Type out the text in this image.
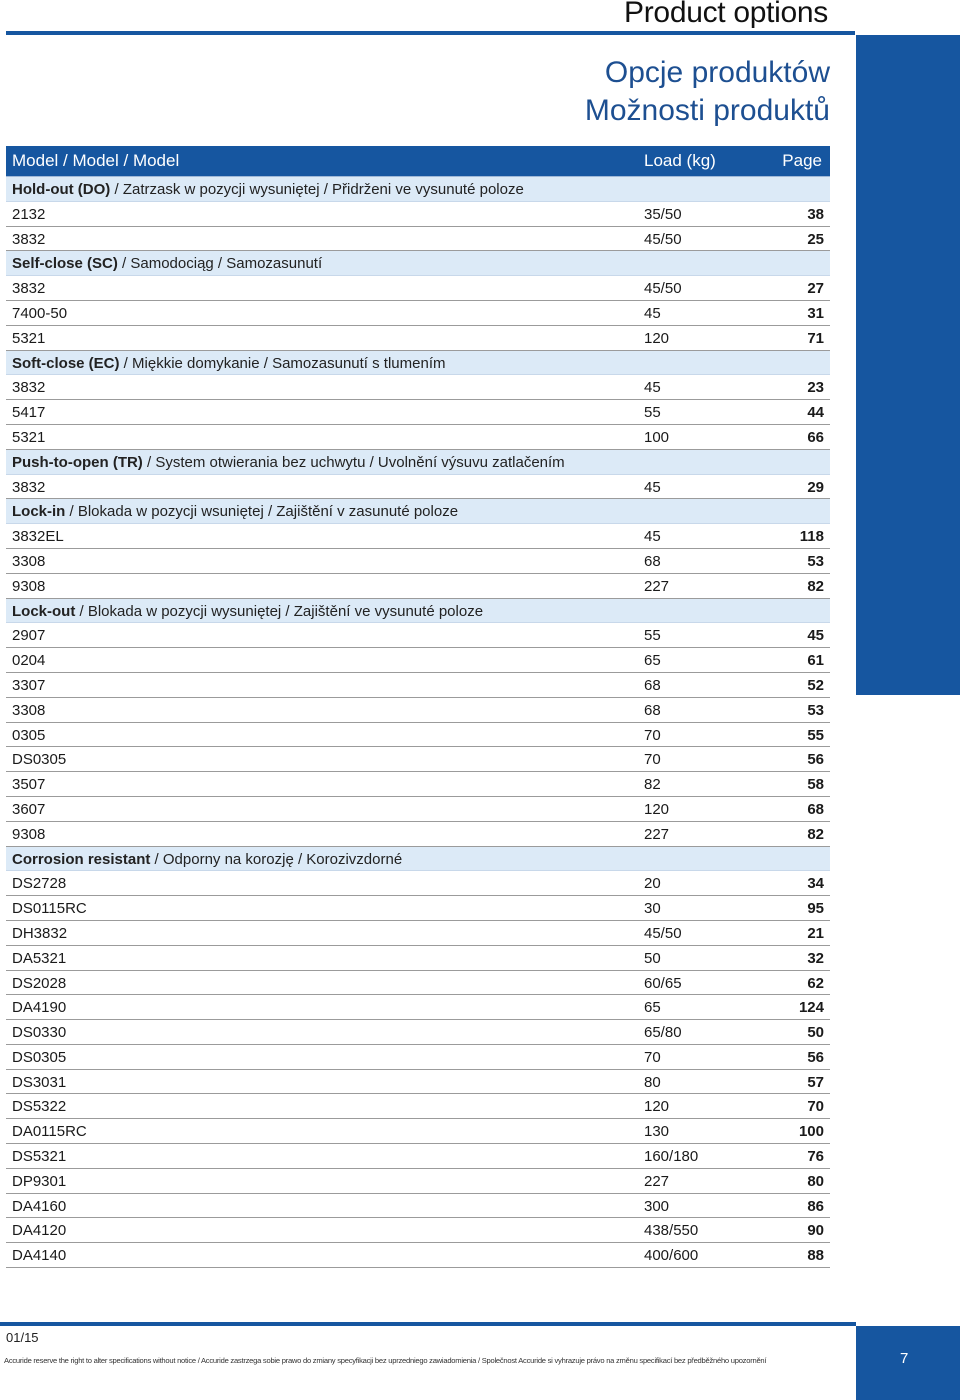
Product options
Opcje produktów
Možnosti produktů
Model / Model / Model	Load (kg)	Page
Hold-out (DO) / Zatrzask w pozycji wysuniętej / Přidrženi ve vysunuté poloze
2132	35/50	38
3832	45/50	25
Self-close (SC) / Samodociąg / Samozasunutí
3832	45/50	27
7400-50	45	31
5321	120	71
Soft-close (EC) / Miękkie domykanie / Samozasunutí s tlumením
3832	45	23
5417	55	44
5321	100	66
Push-to-open (TR) / System otwierania bez uchwytu / Uvolnění výsuvu zatlačením
3832	45	29
Lock-in / Blokada w pozycji wsuniętej / Zajištění v zasunuté poloze
3832EL	45	118
3308	68	53
9308	227	82
Lock-out / Blokada w pozycji wysuniętej / Zajištění ve vysunuté poloze
2907	55	45
0204	65	61
3307	68	52
3308	68	53
0305	70	55
DS0305	70	56
3507	82	58
3607	120	68
9308	227	82
Corrosion resistant / Odporny na korozję / Korozivzdorné
DS2728	20	34
DS0115RC	30	95
DH3832	45/50	21
DA5321	50	32
DS2028	60/65	62
DA4190	65	124
DS0330	65/80	50
DS0305	70	56
DS3031	80	57
DS5322	120	70
DA0115RC	130	100
DS5321	160/180	76
DP9301	227	80
DA4160	300	86
DA4120	438/550	90
DA4140	400/600	88
01/15
Accuride reserve the right to alter specifications without notice / Accuride zastrzega sobie prawo do zmiany specyfikacji bez uprzedniego zawiadomienia / Společnost Accuride si vyhrazuje právo na změnu specifikací bez předběžného upozornění	7
